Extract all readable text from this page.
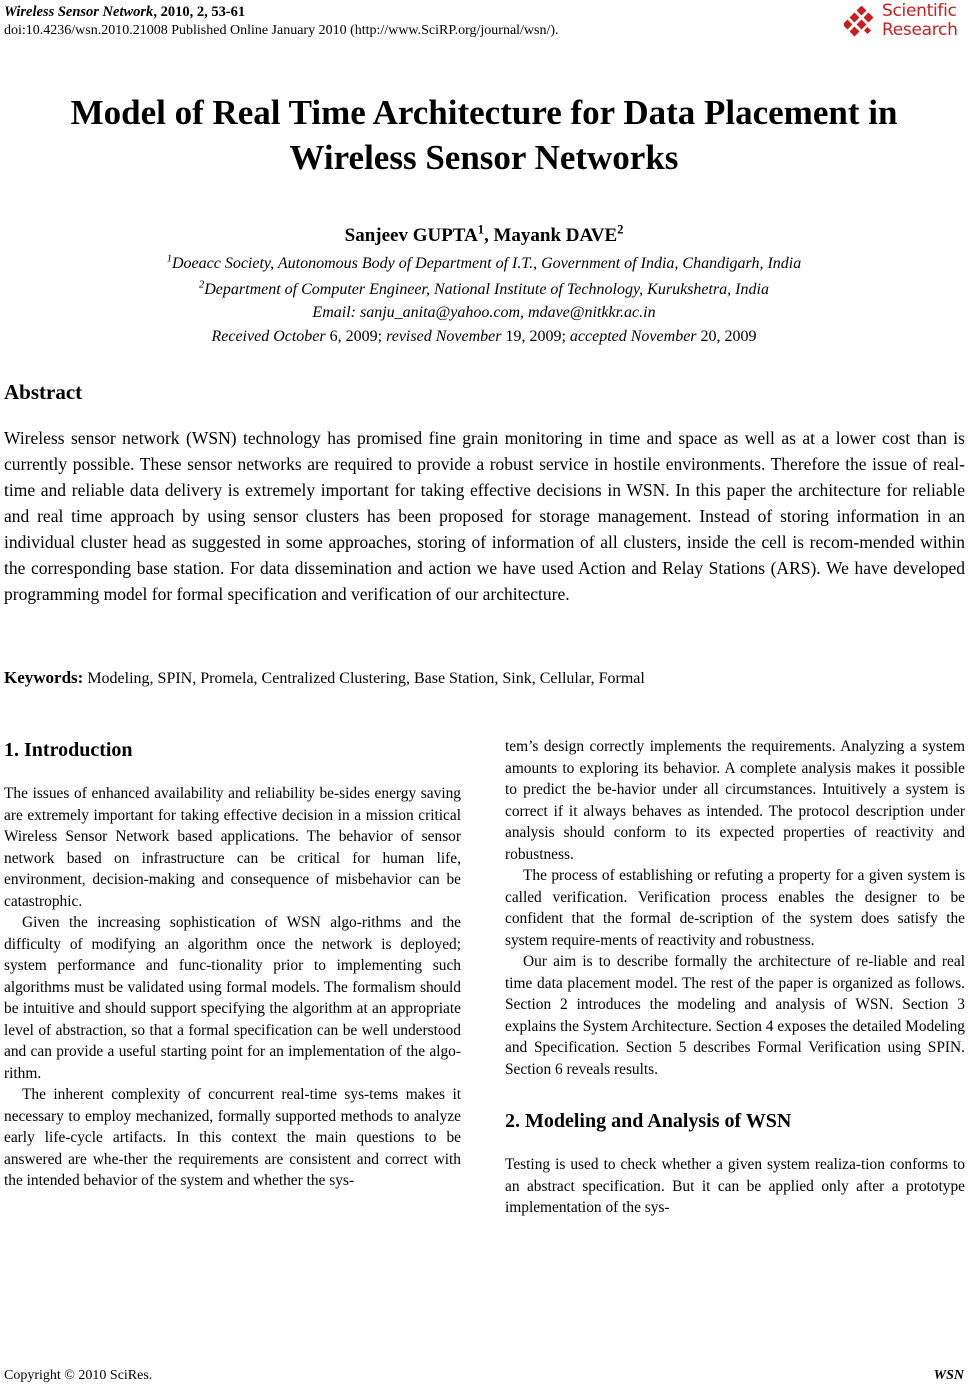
Wireless Sensor Network, 2010, 2, 53-61
doi:10.4236/wsn.2010.21008 Published Online January 2010 (http://www.SciRP.org/journal/wsn/).
Scientific
Research
Model of Real Time Architecture for Data Placement in
Wireless Sensor Networks
Sanjeev GUPTA$^1$, Mayank DAVE$^2$
$^1$Doeacc Society, Autonomous Body of Department of I.T., Government of India, Chandigarh, India
$^2$Department of Computer Engineer, National Institute of Technology, Kurukshetra, India
Email: sanju_anita@yahoo.com, mdave@nitkkr.ac.in
Received October 6, 2009; revised November 19, 2009; accepted November 20, 2009
Abstract
Wireless sensor network (WSN) technology has promised fine grain monitoring in time and space as well as at a lower cost than is currently possible. These sensor networks are required to provide a robust service in hostile environments. Therefore the issue of real-time and reliable data delivery is extremely important for taking effective decisions in WSN. In this paper the architecture for reliable and real time approach by using sensor clusters has been proposed for storage management. Instead of storing information in an individual cluster head as suggested in some approaches, storing of information of all clusters, inside the cell is recom-mended within the corresponding base station. For data dissemination and action we have used Action and Relay Stations (ARS). We have developed programming model for formal specification and verification of our architecture.
Keywords: Modeling, SPIN, Promela, Centralized Clustering, Base Station, Sink, Cellular, Formal
1. Introduction

The issues of enhanced availability and reliability be-sides energy saving are extremely important for taking effective decision in a mission critical Wireless Sensor Network based applications. The behavior of sensor network based on infrastructure can be critical for human life, environment, decision-making and consequence of misbehavior can be catastrophic.

Given the increasing sophistication of WSN algo-rithms and the difficulty of modifying an algorithm once the network is deployed; system performance and func-tionality prior to implementing such algorithms must be validated using formal models. The formalism should be intuitive and should support specifying the algorithm at an appropriate level of abstraction, so that a formal specification can be well understood and can provide a useful starting point for an implementation of the algo-rithm.

The inherent complexity of concurrent real-time sys-tems makes it necessary to employ mechanized, formally supported methods to analyze early life-cycle artifacts. In this context the main questions to be answered are whe-ther the requirements are consistent and correct with the intended behavior of the system and whether the sys-

tem’s design correctly implements the requirements. Analyzing a system amounts to exploring its behavior. A complete analysis makes it possible to predict the be-havior under all circumstances. Intuitively a system is correct if it always behaves as intended. The protocol description under analysis should conform to its expected properties of reactivity and robustness.

The process of establishing or refuting a property for a given system is called verification. Verification process enables the designer to be confident that the formal de-scription of the system does satisfy the system require-ments of reactivity and robustness.

Our aim is to describe formally the architecture of re-liable and real time data placement model. The rest of the paper is organized as follows. Section 2 introduces the modeling and analysis of WSN. Section 3 explains the System Architecture. Section 4 exposes the detailed Modeling and Specification. Section 5 describes Formal Verification using SPIN. Section 6 reveals results.

2. Modeling and Analysis of WSN

Testing is used to check whether a given system realiza-tion conforms to an abstract specification. But it can be applied only after a prototype implementation of the sys-

Copyright © 2010 SciRes.	WSN
